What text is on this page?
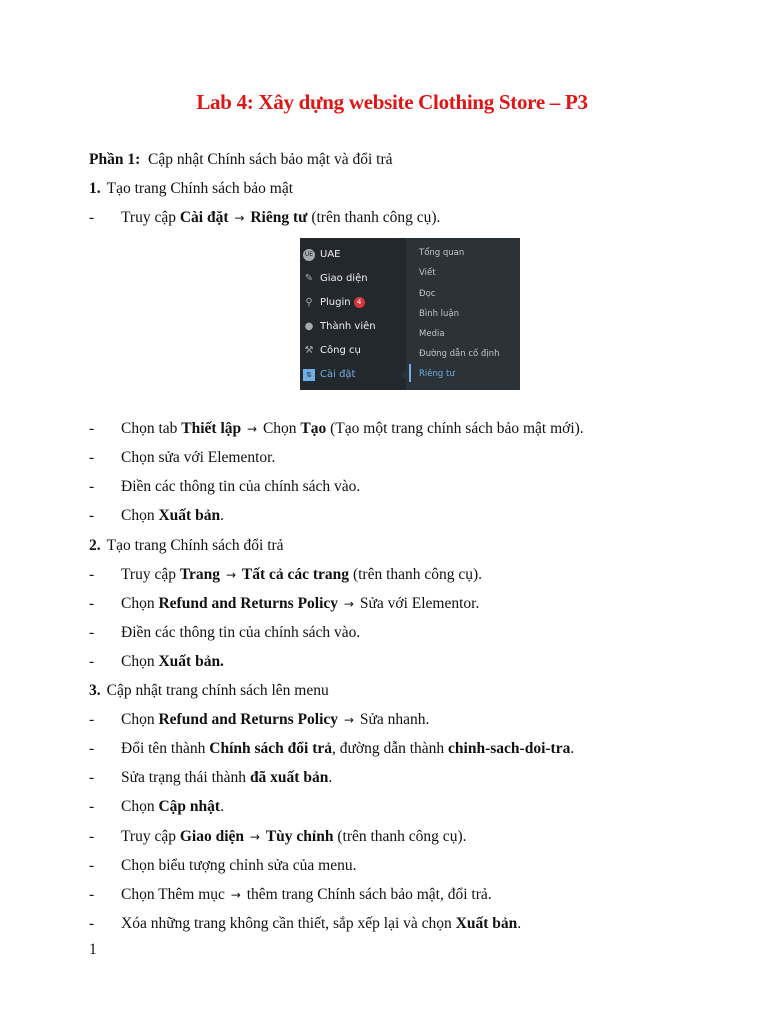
Lab 4: Xây dựng website Clothing Store – P3
Phần 1: Cập nhật Chính sách bảo mật và đổi trả
1. Tạo trang Chính sách bảo mật
- Truy cập Cài đặt → Riêng tư (trên thanh công cụ).
UE UAE
✎ Giao diện
⚲ Plugin 4
● Thành viên
⚒ Công cụ
⇅ Cài đặt
Tổng quan
Viết
Đọc
Bình luận
Media
Đường dẫn cố định
Riêng tư
- Chọn tab Thiết lập → Chọn Tạo (Tạo một trang chính sách bảo mật mới).
- Chọn sửa với Elementor.
- Điền các thông tin của chính sách vào.
- Chọn Xuất bản.
2. Tạo trang Chính sách đổi trả
- Truy cập Trang → Tất cả các trang (trên thanh công cụ).
- Chọn Refund and Returns Policy → Sửa với Elementor.
- Điền các thông tin của chính sách vào.
- Chọn Xuất bản.
3. Cập nhật trang chính sách lên menu
- Chọn Refund and Returns Policy → Sửa nhanh.
- Đổi tên thành Chính sách đổi trả, đường dẫn thành chinh-sach-doi-tra.
- Sửa trạng thái thành đã xuất bản.
- Chọn Cập nhật.
- Truy cập Giao diện → Tùy chỉnh (trên thanh công cụ).
- Chọn biểu tượng chỉnh sửa của menu.
- Chọn Thêm mục → thêm trang Chính sách bảo mật, đổi trả.
- Xóa những trang không cần thiết, sắp xếp lại và chọn Xuất bản.
1
